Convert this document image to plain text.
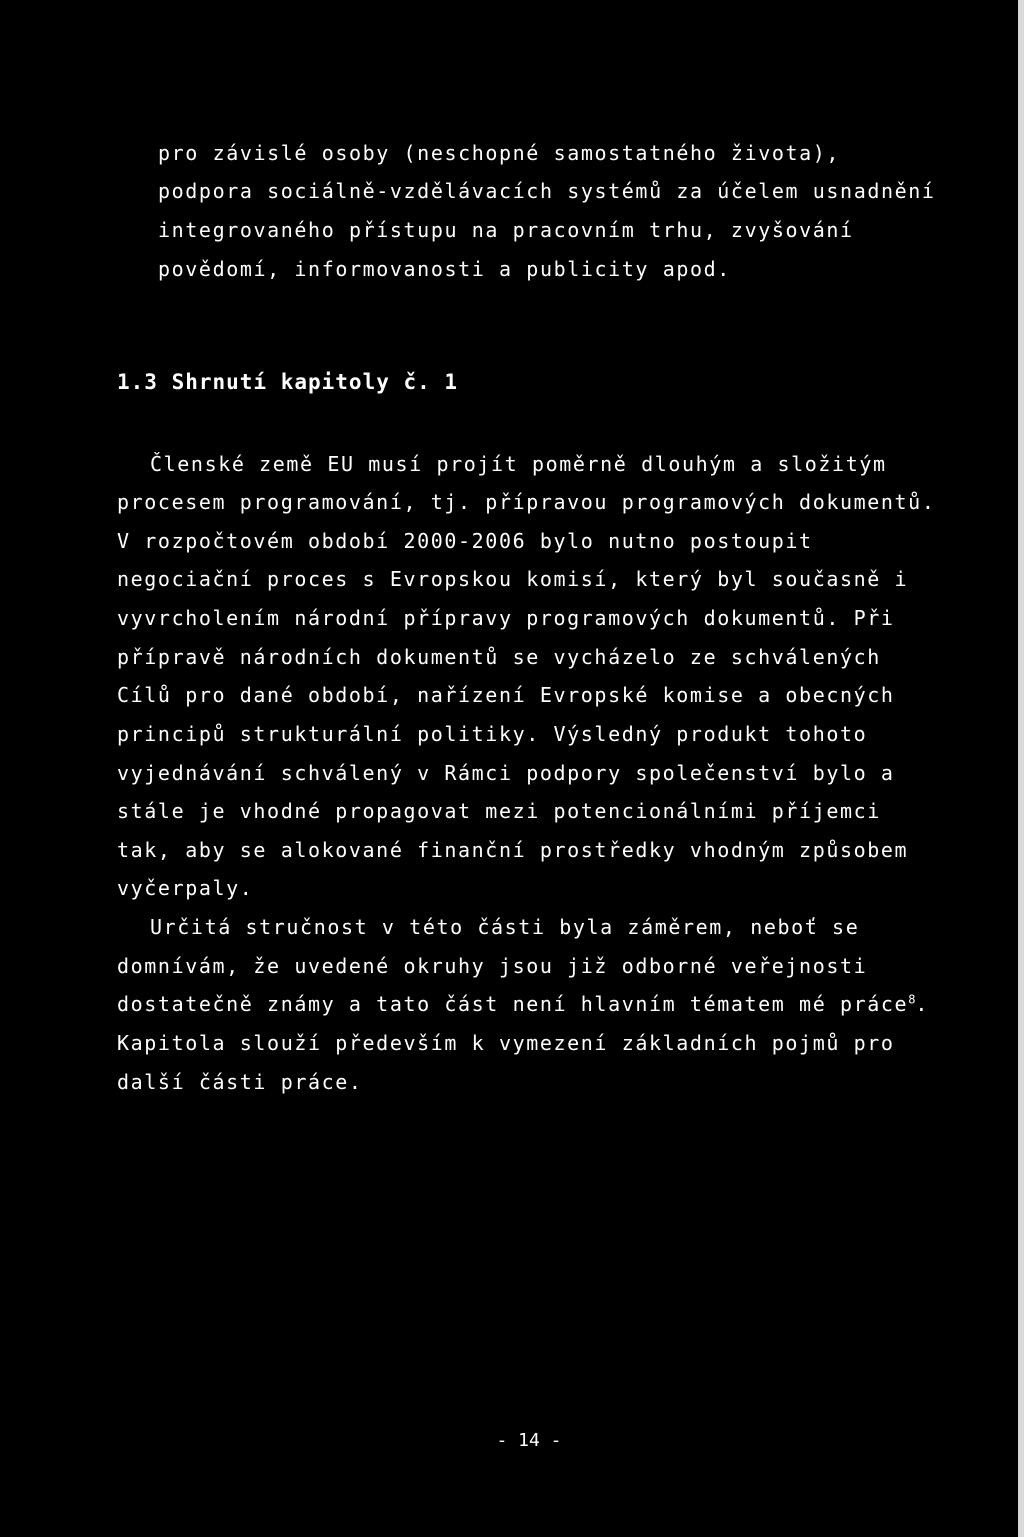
pro závislé osoby (neschopné samostatného života),
podpora sociálně-vzdělávacích systémů za účelem usnadnění
integrovaného přístupu na pracovním trhu, zvyšování
povědomí, informovanosti a publicity apod.
1.3 Shrnutí kapitoly č. 1
Členské země EU musí projít poměrně dlouhým a složitým
procesem programování, tj. přípravou programových dokumentů.
V rozpočtovém období 2000-2006 bylo nutno postoupit
negociační proces s Evropskou komisí, který byl současně i
vyvrcholením národní přípravy programových dokumentů. Při
přípravě národních dokumentů se vycházelo ze schválených
Cílů pro dané období, nařízení Evropské komise a obecných
principů strukturální politiky. Výsledný produkt tohoto
vyjednávání schválený v Rámci podpory společenství bylo a
stále je vhodné propagovat mezi potencionálními příjemci
tak, aby se alokované finanční prostředky vhodným způsobem
vyčerpaly.
Určitá stručnost v této části byla záměrem, neboť se
domnívám, že uvedené okruhy jsou již odborné veřejnosti
dostatečně známy a tato část není hlavním tématem mé práce$^8$.
Kapitola slouží především k vymezení základních pojmů pro
další části práce.
- 14 -
